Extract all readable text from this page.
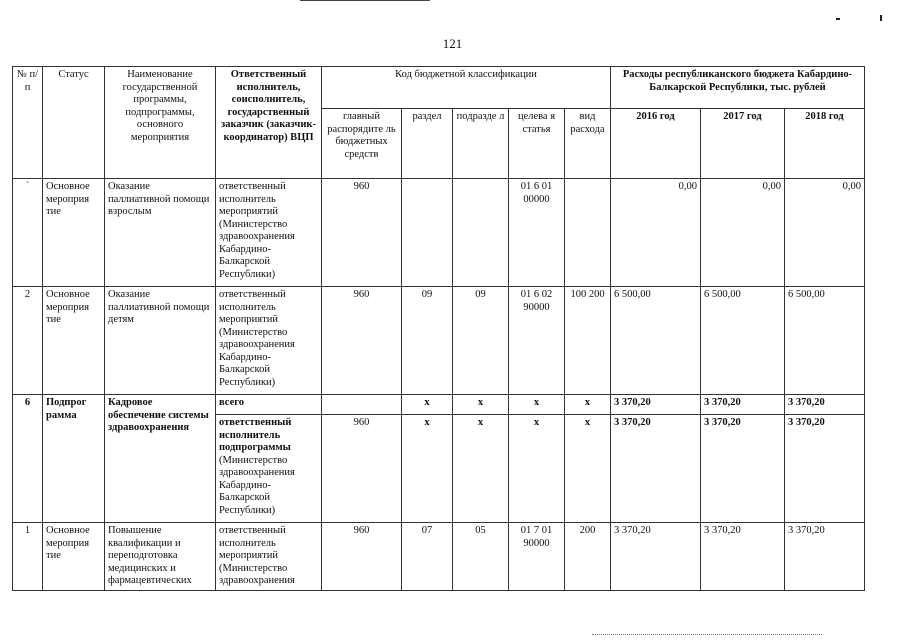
121
№ п/п	Статус	Наименование государственной программы, подпрограммы, основного мероприятия	Ответственный исполнитель, соисполнитель, государственный заказчик (заказчик-координатор) ВЦП	Код бюджетной классификации					Расходы республиканского бюджета Кабардино-Балкарской Республики, тыс. рублей		
				главный распорядите ль бюджетных средств	раздел	подразде л	целева я статья	вид расхода	2016 год	2017 год	2018 год
`	Основное мероприя тие	Оказание паллиативной помощи взрослым	ответственный исполнитель мероприятий (Министерство здравоохранения Кабардино-Балкарской Республики)	960			01 6 01 00000		0,00	0,00	0,00
2	Основное мероприя тие	Оказание паллиативной помощи детям	ответственный исполнитель мероприятий (Министерство здравоохранения Кабардино-Балкарской Республики)	960	09	09	01 6 02 90000	100 200	6 500,00	6 500,00	6 500,00
6	Подпрог рамма	Кадровое обеспечение системы здравоохранения	всего		х	х	х	х	3 370,20	3 370,20	3 370,20
			ответственный исполнитель подпрограммы (Министерство здравоохранения Кабардино-Балкарской Республики)	960	х	х	х	х	3 370,20	3 370,20	3 370,20
1	Основное мероприя тие	Повышение квалификации и переподготовка медицинских и фармацевтических	ответственный исполнитель мероприятий (Министерство здравоохранения	960	07	05	01 7 01 90000	200	3 370,20	3 370,20	3 370,20
